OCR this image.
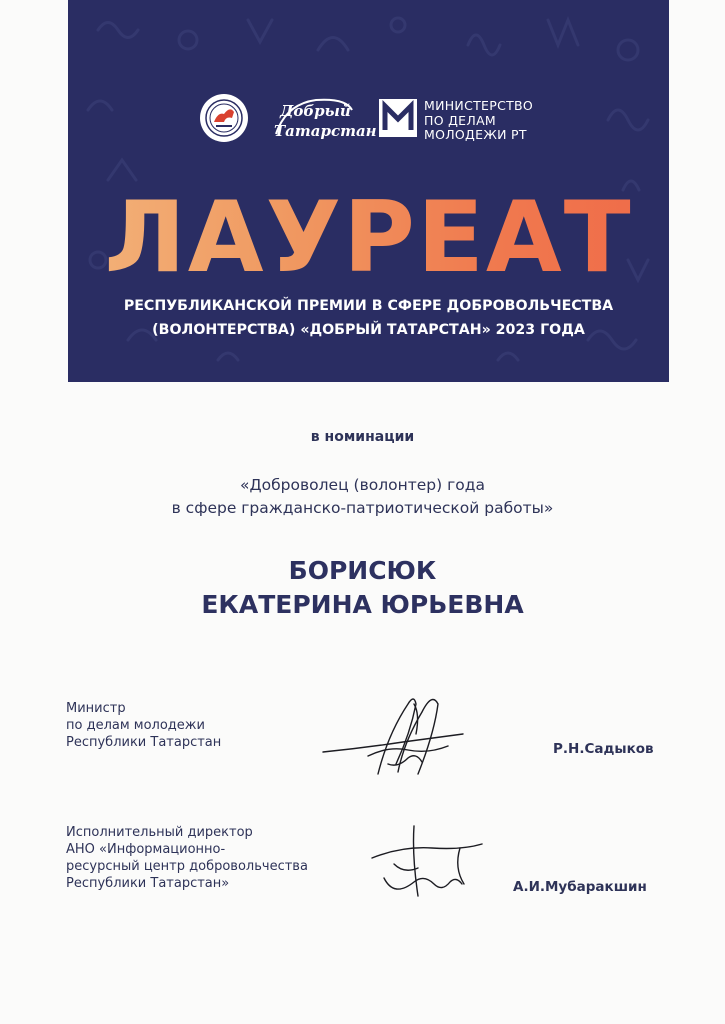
Добрый
Татарстан
МИНИСТЕРСТВО
ПО ДЕЛАМ
МОЛОДЕЖИ РТ
ЛАУРЕАТ
РЕСПУБЛИКАНСКОЙ ПРЕМИИ В СФЕРЕ ДОБРОВОЛЬЧЕСТВА
(ВОЛОНТЕРСТВА) «ДОБРЫЙ ТАТАРСТАН» 2023 ГОДА
в номинации
«Доброволец (волонтер) года
в сфере гражданско-патриотической работы»
БОРИСЮК
ЕКАТЕРИНА ЮРЬЕВНА
Министр
по делам молодежи
Республики Татарстан	Р.Н.Садыков
Исполнительный директор
АНО «Информационно-
ресурсный центр добровольчества
Республики Татарстан»	А.И.Мубаракшин
